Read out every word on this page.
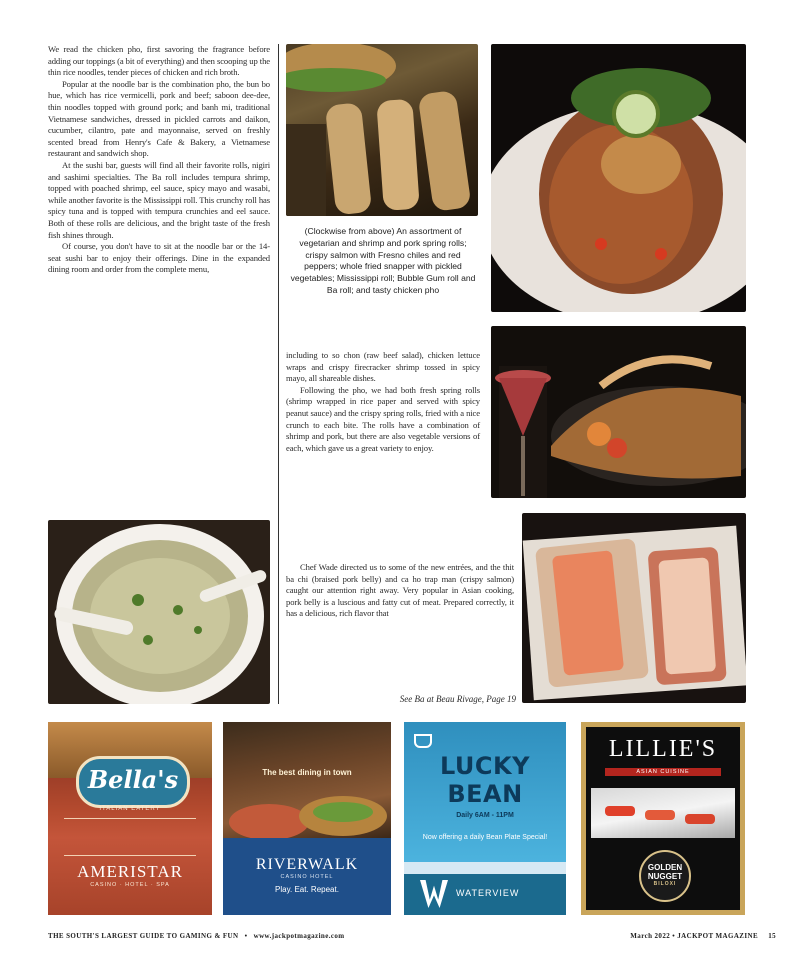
We read the chicken pho, first savoring the fragrance before adding our toppings (a bit of everything) and then scooping up the thin rice noodles, tender pieces of chicken and rich broth.

Popular at the noodle bar is the combination pho, the bun bo hue, which has rice vermicelli, pork and beef; saboon dee-dee, thin noodles topped with ground pork; and banh mi, traditional Vietnamese sandwiches, dressed in pickled carrots and daikon, cucumber, cilantro, pate and mayonnaise, served on freshly scented bread from Henry's Cafe & Bakery, a Vietnamese restaurant and sandwich shop.

At the sushi bar, guests will find all their favorite rolls, nigiri and sashimi specialties. The Ba roll includes tempura shrimp, topped with poached shrimp, eel sauce, spicy mayo and wasabi, while another favorite is the Mississippi roll. This crunchy roll has spicy tuna and is topped with tempura crunchies and eel sauce. Both of these rolls are delicious, and the bright taste of the fresh fish shines through.

Of course, you don't have to sit at the noodle bar or the 14-seat sushi bar to enjoy their offerings. Dine in the expanded dining room and order from the complete menu,

(Clockwise from above) An assortment of vegetarian and shrimp and pork spring rolls; crispy salmon with Fresno chiles and red peppers; whole fried snapper with pickled vegetables; Mississippi roll; Bubble Gum roll and Ba roll; and tasty chicken pho

including to so chon (raw beef salad), chicken lettuce wraps and crispy firecracker shrimp tossed in spicy mayo, all shareable dishes.

Following the pho, we had both fresh spring rolls (shrimp wrapped in rice paper and served with spicy peanut sauce) and the crispy spring rolls, fried with a nice crunch to each bite. The rolls have a combination of shrimp and pork, but there are also vegetable versions of each, which gave us a great variety to enjoy.

Chef Wade directed us to some of the new entrées, and the thit ba chi (braised pork belly) and ca ho trap man (crispy salmon) caught our attention right away. Very popular in Asian cooking, pork belly is a luscious and fatty cut of meat. Prepared correctly, it has a delicious, rich flavor that

See Ba at Beau Rivage, Page 19
Bella's
ITALIAN EATERY
AMERISTAR
CASINO · HOTEL · SPA
The best dining in town
RIVERWALK
CASINO HOTEL
Play. Eat. Repeat.
LUCKY BEAN
Daily 6AM - 11PM
Now offering a daily Bean Plate Special!
WATERVIEW
LILLIE'S
ASIAN CUISINE
GOLDEN NUGGET
BILOXI
THE SOUTH'S LARGEST GUIDE TO GAMING & FUN • www.jackpotmagazine.com	March 2022 • JACKPOT MAGAZINE 15
